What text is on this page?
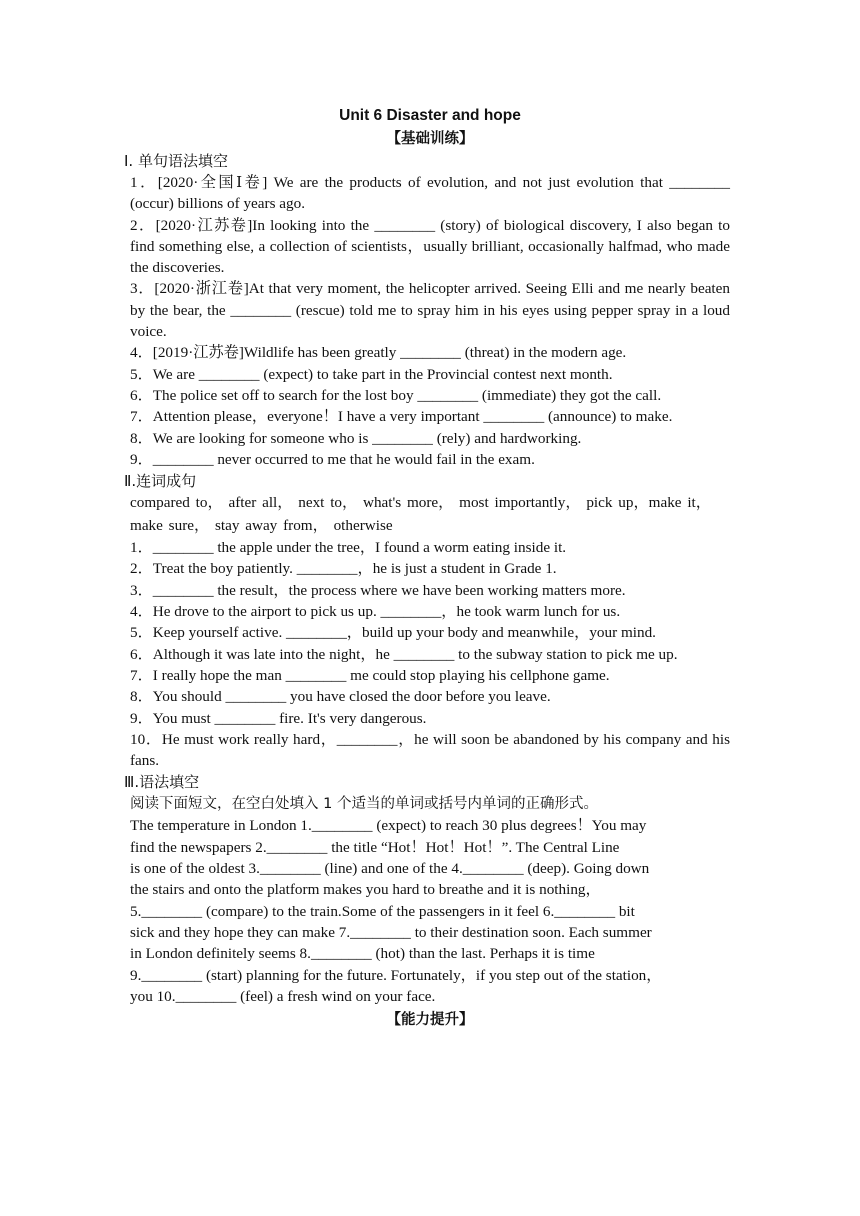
Unit 6 Disaster and hope
【基础训练】
Ⅰ. 单句语法填空
1．[2020·全国Ⅰ卷] We are the products of evolution, and not just evolution that ________ (occur) billions of years ago.
2．[2020·江苏卷]In looking into the ________ (story) of biological discovery, I also began to find something else, a collection of scientists，usually brilliant, occasionally halfmad, who made the discoveries.
3．[2020·浙江卷]At that very moment, the helicopter arrived. Seeing Elli and me nearly beaten by the bear, the ________ (rescue) told me to spray him in his eyes using pepper spray in a loud voice.
4．[2019·江苏卷]Wildlife has been greatly ________ (threat) in the modern age.
5．We are ________ (expect) to take part in the Provincial contest next month.
6．The police set off to search for the lost boy ________ (immediate) they got the call.
7．Attention please，everyone！I have a very important ________ (announce) to make.
8．We are looking for someone who is ________ (rely) and hardworking.
9．________ never occurred to me that he would fail in the exam.
Ⅱ.连词成句
compared to， after all， next to， what's more， most importantly， pick up，make it， make sure， stay away from， otherwise
1．________ the apple under the tree，I found a worm eating inside it.
2．Treat the boy patiently. ________，he is just a student in Grade 1.
3．________ the result，the process where we have been working matters more.
4．He drove to the airport to pick us up. ________，he took warm lunch for us.
5．Keep yourself active. ________，build up your body and meanwhile，your mind.
6．Although it was late into the night，he ________ to the subway station to pick me up.
7．I really hope the man ________ me could stop playing his cellphone game.
8．You should ________ you have closed the door before you leave.
9．You must ________ fire. It's very dangerous.
10．He must work really hard，________，he will soon be abandoned by his company and his fans.
Ⅲ.语法填空
阅读下面短文，在空白处填入 1 个适当的单词或括号内单词的正确形式。
The temperature in London 1.________ (expect) to reach 30 plus degrees！You may
find the newspapers 2.________ the title “Hot！Hot！Hot！”. The Central Line
is one of the oldest 3.________ (line) and one of the 4.________ (deep). Going down
the stairs and onto the platform makes you hard to breathe and it is nothing，
5.________ (compare) to the train.Some of the passengers in it feel 6.________ bit
sick and they hope they can make 7.________ to their destination soon. Each summer
in London definitely seems 8.________ (hot) than the last. Perhaps it is time
9.________ (start) planning for the future. Fortunately，if you step out of the station，
you 10.________ (feel) a fresh wind on your face.
【能力提升】
